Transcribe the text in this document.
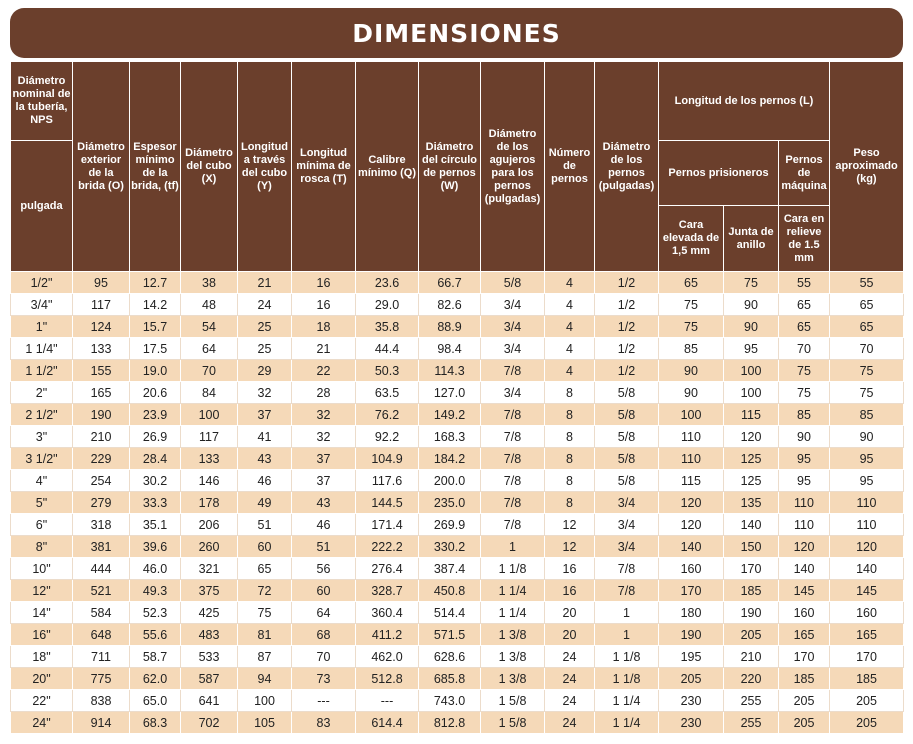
DIMENSIONES
Diámetro nominal de la tubería, NPS	Diámetro exterior de la brida (O)	Espesor mínimo de la brida, (tf)	Diámetro del cubo (X)	Longitud a través del cubo (Y)	Longitud mínima de rosca (T)	Calibre mínimo (Q)	Diámetro del círculo de pernos (W)	Diámetro de los agujeros para los pernos (pulgadas)	Número de pernos	Diámetro de los pernos (pulgadas)	Longitud de los pernos (L)			Peso aproximado (kg)
pulgada											Pernos prisioneros		Pernos de máquina	
											Cara elevada de 1,5 mm	Junta de anillo	Cara en relieve de 1.5 mm	
1/2"	95	12.7	38	21	16	23.6	66.7	5/8	4	1/2	65	75	55	55
3/4"	117	14.2	48	24	16	29.0	82.6	3/4	4	1/2	75	90	65	65
1"	124	15.7	54	25	18	35.8	88.9	3/4	4	1/2	75	90	65	65
1 1/4"	133	17.5	64	25	21	44.4	98.4	3/4	4	1/2	85	95	70	70
1 1/2"	155	19.0	70	29	22	50.3	114.3	7/8	4	1/2	90	100	75	75
2"	165	20.6	84	32	28	63.5	127.0	3/4	8	5/8	90	100	75	75
2 1/2"	190	23.9	100	37	32	76.2	149.2	7/8	8	5/8	100	115	85	85
3"	210	26.9	117	41	32	92.2	168.3	7/8	8	5/8	110	120	90	90
3 1/2"	229	28.4	133	43	37	104.9	184.2	7/8	8	5/8	110	125	95	95
4"	254	30.2	146	46	37	117.6	200.0	7/8	8	5/8	115	125	95	95
5"	279	33.3	178	49	43	144.5	235.0	7/8	8	3/4	120	135	110	110
6"	318	35.1	206	51	46	171.4	269.9	7/8	12	3/4	120	140	110	110
8"	381	39.6	260	60	51	222.2	330.2	1	12	3/4	140	150	120	120
10"	444	46.0	321	65	56	276.4	387.4	1 1/8	16	7/8	160	170	140	140
12"	521	49.3	375	72	60	328.7	450.8	1 1/4	16	7/8	170	185	145	145
14"	584	52.3	425	75	64	360.4	514.4	1 1/4	20	1	180	190	160	160
16"	648	55.6	483	81	68	411.2	571.5	1 3/8	20	1	190	205	165	165
18"	711	58.7	533	87	70	462.0	628.6	1 3/8	24	1 1/8	195	210	170	170
20"	775	62.0	587	94	73	512.8	685.8	1 3/8	24	1 1/8	205	220	185	185
22"	838	65.0	641	100	---	---	743.0	1 5/8	24	1 1/4	230	255	205	205
24"	914	68.3	702	105	83	614.4	812.8	1 5/8	24	1 1/4	230	255	205	205
